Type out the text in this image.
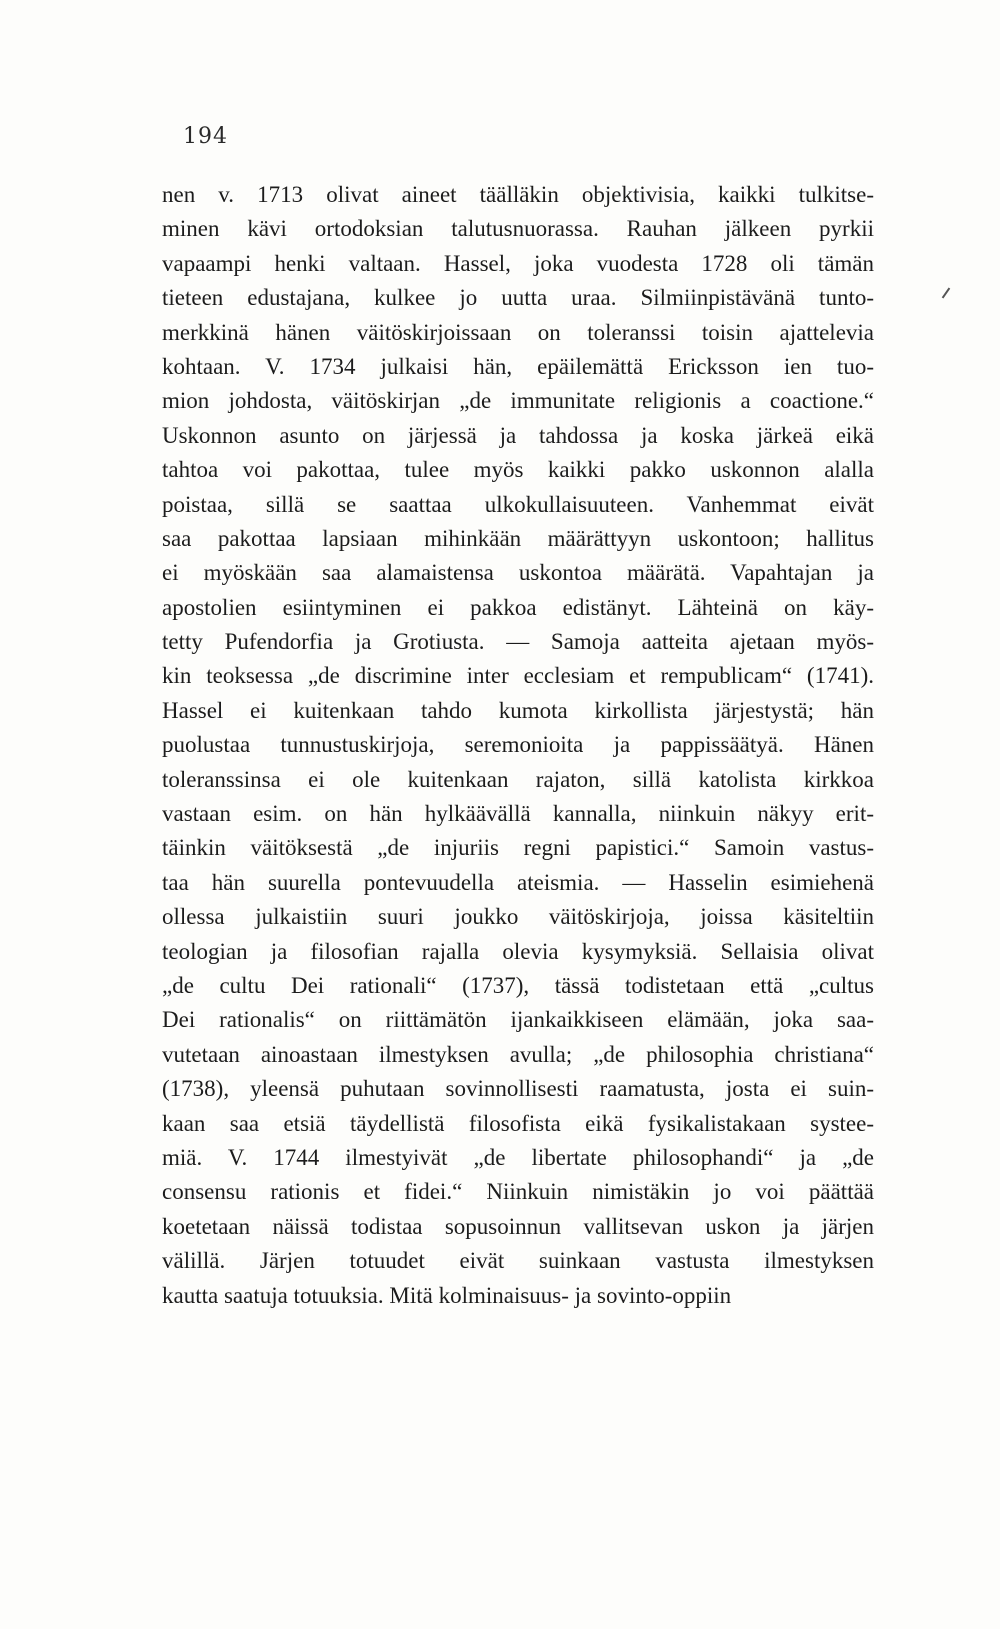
194
nen v. 1713 olivat aineet täälläkin objektivisia, kaikki tulkitse-
minen kävi ortodoksian talutusnuorassa. Rauhan jälkeen pyrkii
vapaampi henki valtaan. Hassel, joka vuodesta 1728 oli tämän
tieteen edustajana, kulkee jo uutta uraa. Silmiinpistävänä tunto-
merkkinä hänen väitöskirjoissaan on toleranssi toisin ajattelevia
kohtaan. V. 1734 julkaisi hän, epäilemättä Ericksson ien tuo-
mion johdosta, väitöskirjan „de immunitate religionis a coactione.“
Uskonnon asunto on järjessä ja tahdossa ja koska järkeä eikä
tahtoa voi pakottaa, tulee myös kaikki pakko uskonnon alalla
poistaa, sillä se saattaa ulkokullaisuuteen. Vanhemmat eivät
saa pakottaa lapsiaan mihinkään määrättyyn uskontoon; hallitus
ei myöskään saa alamaistensa uskontoa määrätä. Vapahtajan ja
apostolien esiintyminen ei pakkoa edistänyt. Lähteinä on käy-
tetty Pufendorfia ja Grotiusta. — Samoja aatteita ajetaan myös-
kin teoksessa „de discrimine inter ecclesiam et rempublicam“ (1741).
Hassel ei kuitenkaan tahdo kumota kirkollista järjestystä; hän
puolustaa tunnustuskirjoja, seremonioita ja pappissäätyä. Hänen
toleranssinsa ei ole kuitenkaan rajaton, sillä katolista kirkkoa
vastaan esim. on hän hylkäävällä kannalla, niinkuin näkyy erit-
täinkin väitöksestä „de injuriis regni papistici.“ Samoin vastus-
taa hän suurella pontevuudella ateismia. — Hasselin esimiehenä
ollessa julkaistiin suuri joukko väitöskirjoja, joissa käsiteltiin
teologian ja filosofian rajalla olevia kysymyksiä. Sellaisia olivat
„de cultu Dei rationali“ (1737), tässä todistetaan että „cultus
Dei rationalis“ on riittämätön ijankaikkiseen elämään, joka saa-
vutetaan ainoastaan ilmestyksen avulla; „de philosophia christiana“
(1738), yleensä puhutaan sovinnollisesti raamatusta, josta ei suin-
kaan saa etsiä täydellistä filosofista eikä fysikalistakaan systee-
miä. V. 1744 ilmestyivät „de libertate philosophandi“ ja „de
consensu rationis et fidei.“ Niinkuin nimistäkin jo voi päättää
koetetaan näissä todistaa sopusoinnun vallitsevan uskon ja järjen
välillä. Järjen totuudet eivät suinkaan vastusta ilmestyksen
kautta saatuja totuuksia. Mitä kolminaisuus- ja sovinto-oppiin
